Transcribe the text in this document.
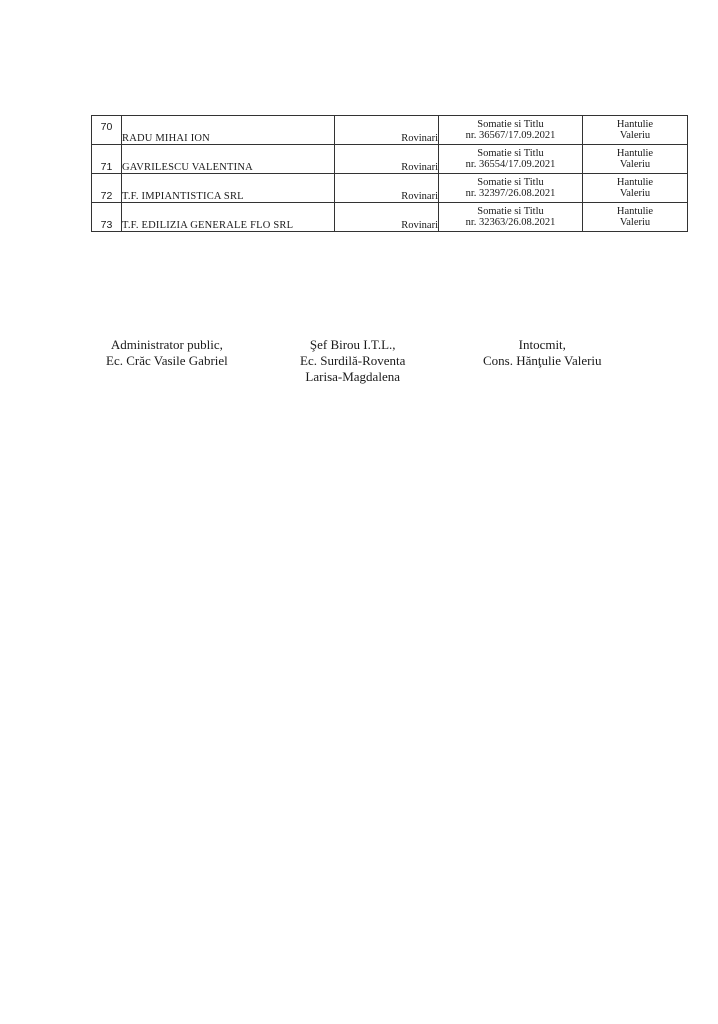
70	RADU MIHAI ION	Rovinari	Somatie si Titlu
nr. 36567/17.09.2021	Hantulie
Valeriu

71	GAVRILESCU VALENTINA	Rovinari	Somatie si Titlu
nr. 36554/17.09.2021	Hantulie
Valeriu

72	T.F. IMPIANTISTICA SRL	Rovinari	Somatie si Titlu
nr. 32397/26.08.2021	Hantulie
Valeriu

73	T.F. EDILIZIA GENERALE FLO SRL	Rovinari	Somatie si Titlu
nr. 32363/26.08.2021	Hantulie
Valeriu
Administrator public,
Ec. Crăc Vasile Gabriel
Şef Birou I.T.L.,
Ec. Surdilă-Roventa
Larisa-Magdalena
Intocmit,
Cons. Hănţulie Valeriu
